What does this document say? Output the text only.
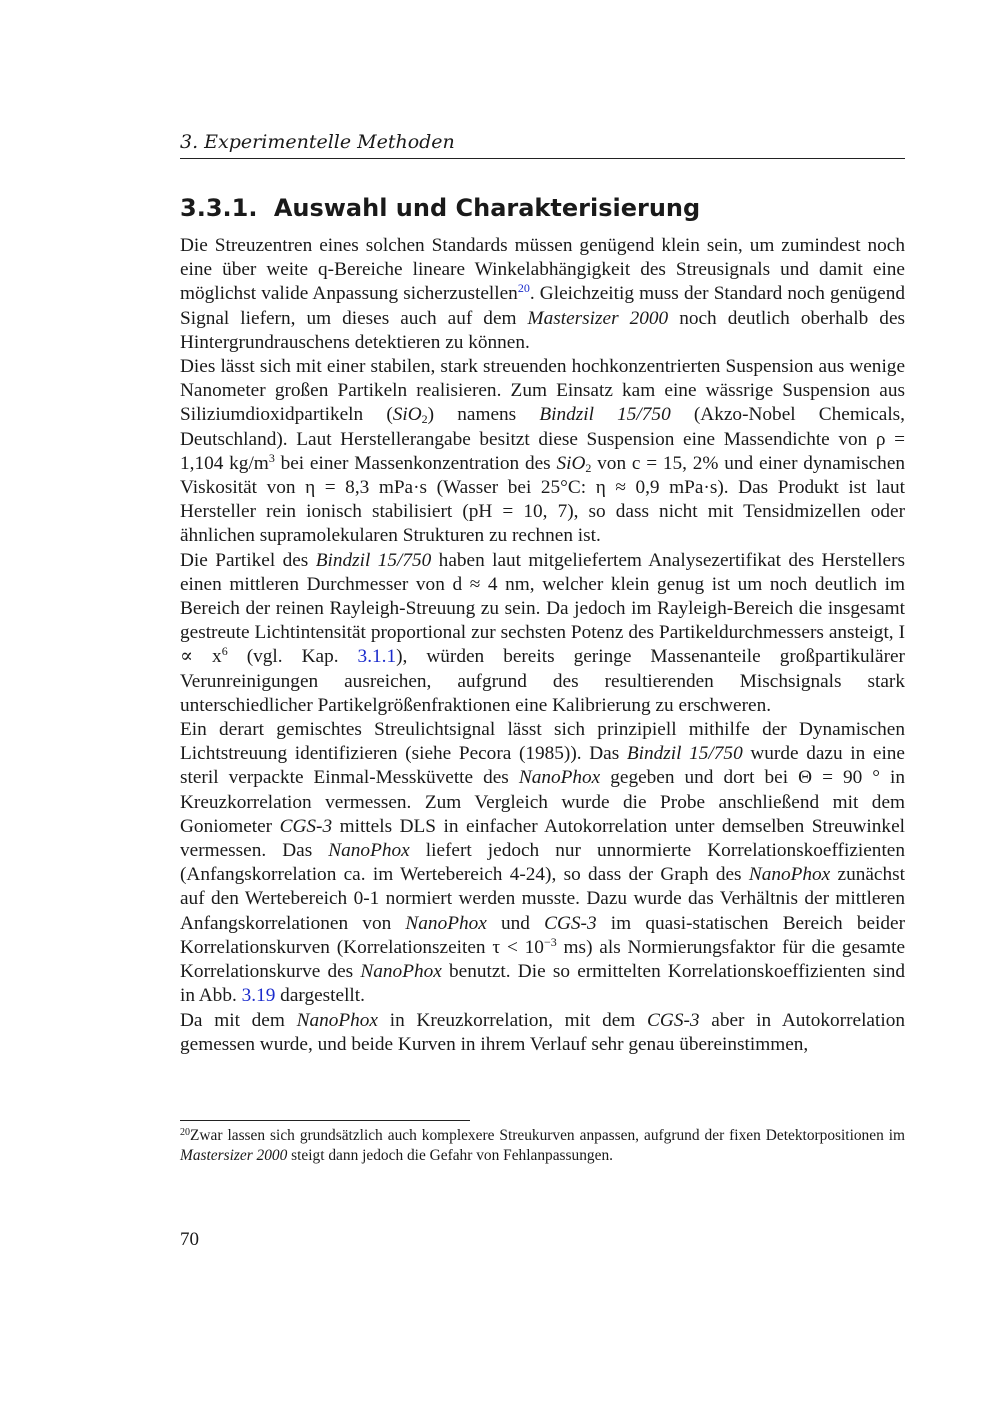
3. Experimentelle Methoden
3.3.1. Auswahl und Charakterisierung

Die Streuzentren eines solchen Standards müssen genügend klein sein, um zumindest noch eine über weite q-Bereiche lineare Winkelabhängigkeit des Streusignals und damit eine möglichst valide Anpassung sicherzustellen$^{20}$. Gleichzeitig muss der Standard noch genügend Signal liefern, um dieses auch auf dem Mastersizer 2000 noch deutlich oberhalb des Hintergrundrauschens detektieren zu können.

Dies lässt sich mit einer stabilen, stark streuenden hochkonzentrierten Suspension aus wenige Nanometer großen Partikeln realisieren. Zum Einsatz kam eine wässrige Suspension aus Siliziumdioxidpartikeln (SiO$_2$) namens Bindzil 15/750 (Akzo-Nobel Chemicals, Deutschland). Laut Herstellerangabe besitzt diese Suspension eine Massendichte von ρ = 1,104 $kg/m^3$ bei einer Massenkonzentration des SiO$_2$ von c = 15, 2% und einer dynamischen Viskosität von η = 8,3 mPa·s (Wasser bei 25°C: η ≈ 0,9 mPa·s). Das Produkt ist laut Hersteller rein ionisch stabilisiert (pH = 10, 7), so dass nicht mit Tensidmizellen oder ähnlichen supramolekularen Strukturen zu rechnen ist.

Die Partikel des Bindzil 15/750 haben laut mitgeliefertem Analysezertifikat des Herstellers einen mittleren Durchmesser von d ≈ 4 nm, welcher klein genug ist um noch deutlich im Bereich der reinen Rayleigh-Streuung zu sein. Da jedoch im Rayleigh-Bereich die insgesamt gestreute Lichtintensität proportional zur sechsten Potenz des Partikeldurchmessers ansteigt, $I \propto x^6$ (vgl. Kap. 3.1.1), würden bereits geringe Massenanteile großpartikulärer Verunreinigungen ausreichen, aufgrund des resultierenden Mischsignals stark unterschiedlicher Partikelgrößenfraktionen eine Kalibrierung zu erschweren.

Ein derart gemischtes Streulichtsignal lässt sich prinzipiell mithilfe der Dynamischen Lichtstreuung identifizieren (siehe Pecora (1985)). Das Bindzil 15/750 wurde dazu in eine steril verpackte Einmal-Messküvette des NanoPhox gegeben und dort bei Θ = 90 ° in Kreuzkorrelation vermessen. Zum Vergleich wurde die Probe anschließend mit dem Goniometer CGS-3 mittels DLS in einfacher Autokorrelation unter demselben Streuwinkel vermessen. Das NanoPhox liefert jedoch nur unnormierte Korrelationskoeffizienten (Anfangskorrelation ca. im Wertebereich 4-24), so dass der Graph des NanoPhox zunächst auf den Wertebereich 0-1 normiert werden musste. Dazu wurde das Verhältnis der mittleren Anfangskorrelationen von NanoPhox und CGS-3 im quasi-statischen Bereich beider Korrelationskurven (Korrelationszeiten $\tau < 10^{-3}$ ms) als Normierungsfaktor für die gesamte Korrelationskurve des NanoPhox benutzt. Die so ermittelten Korrelationskoeffizienten sind in Abb. 3.19 dargestellt.

Da mit dem NanoPhox in Kreuzkorrelation, mit dem CGS-3 aber in Autokorrelation gemessen wurde, und beide Kurven in ihrem Verlauf sehr genau übereinstimmen,

$^{20}$Zwar lassen sich grundsätzlich auch komplexere Streukurven anpassen, aufgrund der fixen Detektorpositionen im Mastersizer 2000 steigt dann jedoch die Gefahr von Fehlanpassungen.
70
